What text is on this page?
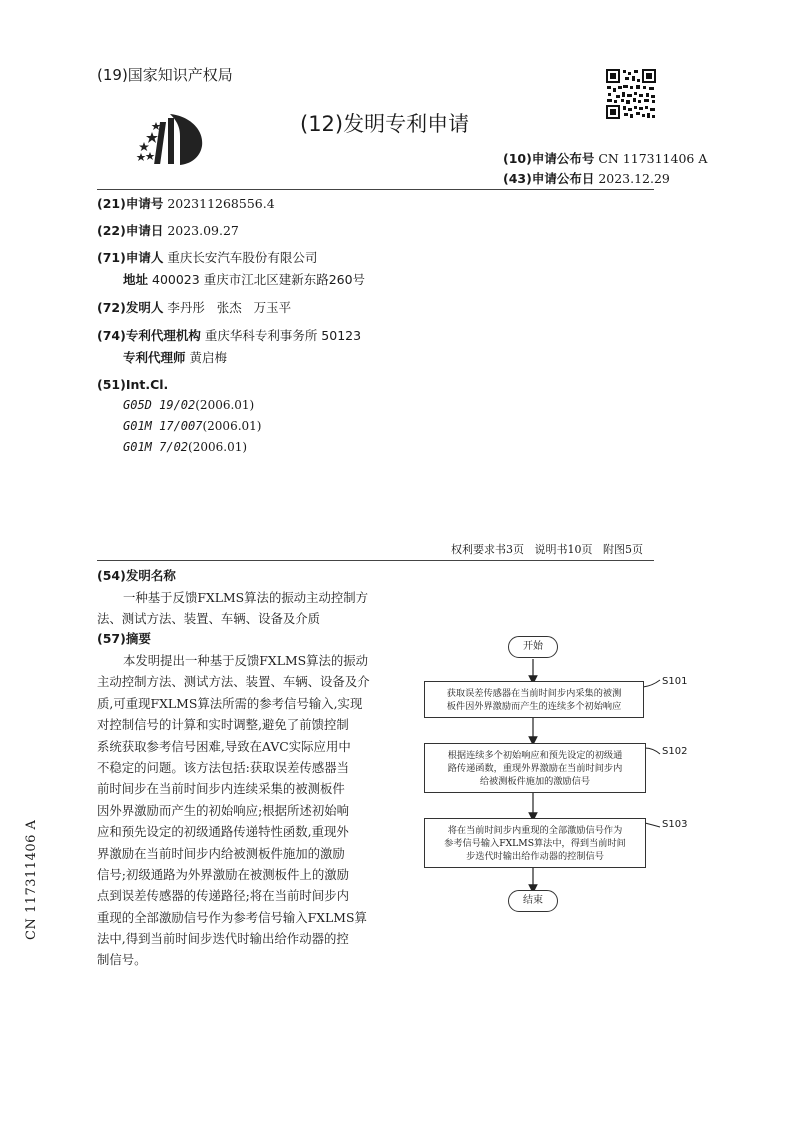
(19)国家知识产权局
(12)发明专利申请
(10)申请公布号 CN 117311406 A
(43)申请公布日 2023.12.29
(21)申请号 202311268556.4
(22)申请日 2023.09.27
(71)申请人 重庆长安汽车股份有限公司
地址 400023 重庆市江北区建新东路260号
(72)发明人 李丹彤   张杰   万玉平
(74)专利代理机构 重庆华科专利事务所 50123
专利代理师 黄启梅
(51)Int.Cl.
G05D 19/02(2006.01)
G01M 17/007(2006.01)
G01M 7/02(2006.01)
权利要求书3页   说明书10页   附图5页
(54)发明名称
一种基于反馈FXLMS算法的振动主动控制方
法、测试方法、装置、车辆、设备及介质
(57)摘要
本发明提出一种基于反馈FXLMS算法的振动
主动控制方法、测试方法、装置、车辆、设备及介
质,可重现FXLMS算法所需的参考信号输入,实现
对控制信号的计算和实时调整,避免了前馈控制
系统获取参考信号困难,导致在AVC实际应用中
不稳定的问题。该方法包括:获取误差传感器当
前时间步在当前时间步内连续采集的被测板件
因外界激励而产生的初始响应;根据所述初始响
应和预先设定的初级通路传递特性函数,重现外
界激励在当前时间步内给被测板件施加的激励
信号;初级通路为外界激励在被测板件上的激励
点到误差传感器的传递路径;将在当前时间步内
重现的全部激励信号作为参考信号输入FXLMS算
法中,得到当前时间步迭代时输出给作动器的控
制信号。
开始
获取误差传感器在当前时间步内采集的被测
板件因外界激励而产生的连续多个初始响应
S101
根据连续多个初始响应和预先设定的初级通
路传递函数，重现外界激励在当前时间步内
给被测板件施加的激励信号
S102
将在当前时间步内重现的全部激励信号作为
参考信号输入FXLMS算法中，得到当前时间
步迭代时输出给作动器的控制信号
S103
结束
CN 117311406 A
